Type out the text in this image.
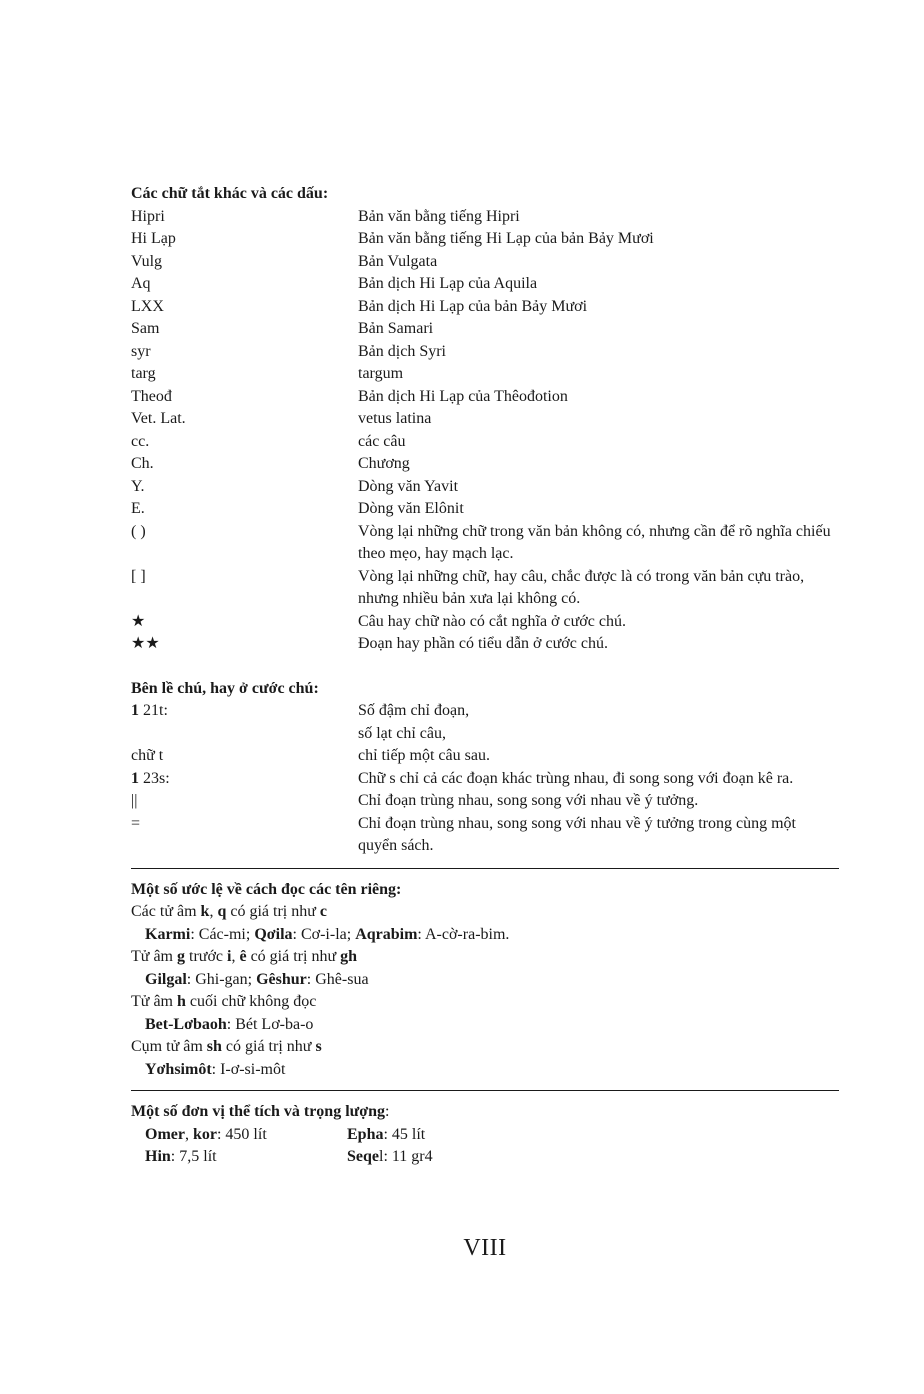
Các chữ tắt khác và các dấu:
Hipri	Bản văn bằng tiếng Hipri
Hi Lạp	Bản văn bằng tiếng Hi Lạp của bản Bảy Mươi
Vulg	Bản Vulgata
Aq	Bản dịch Hi Lạp của Aquila
LXX	Bản dịch Hi Lạp của bản Bảy Mươi
Sam	Bản Samari
syr	Bản dịch Syri
targ	targum
Theođ	Bản dịch Hi Lạp của Thêođotion
Vet. Lat.	vetus latina
cc.	các câu
Ch.	Chương
Y.	Dòng văn Yavit
E.	Dòng văn Elônit
( )	Vòng lại những chữ trong văn bản không có, nhưng cần để rõ nghĩa chiếu theo mẹo, hay mạch lạc.
[ ]	Vòng lại những chữ, hay câu, chắc được là có trong văn bản cựu trào, nhưng nhiều bản xưa lại không có.
★	Câu hay chữ nào có cắt nghĩa ở cước chú.
★★	Đoạn hay phần có tiểu dẫn ở cước chú.
Bên lề chú, hay ở cước chú:
1 21t:	Số đậm chỉ đoạn,
số lạt chỉ câu,
chữ t	chỉ tiếp một câu sau.
1 23s:	Chữ s chỉ cả các đoạn khác trùng nhau, đi song song với đoạn kê ra.
||	Chỉ đoạn trùng nhau, song song với nhau về ý tưởng.
=	Chỉ đoạn trùng nhau, song song với nhau về ý tưởng trong cùng một quyển sách.
Một số ước lệ về cách đọc các tên riêng:
Các tử âm k, q có giá trị như c
Karmi: Các-mi; Qơila: Cơ-i-la; Aqrabim: A-cờ-ra-bim.
Tử âm g trước i, ê có giá trị như gh
Gilgal: Ghi-gan; Gêshur: Ghê-sua
Tử âm h cuối chữ không đọc
Bet-Lơbaoh: Bét Lơ-ba-o
Cụm tử âm sh có giá trị như s
Yơhsimôt: I-ơ-si-môt
Một số đơn vị thể tích và trọng lượng:
Omer, kor: 450 lít	Epha: 45 lít
Hin: 7,5 lít	Seqel: 11 gr4
VIII
